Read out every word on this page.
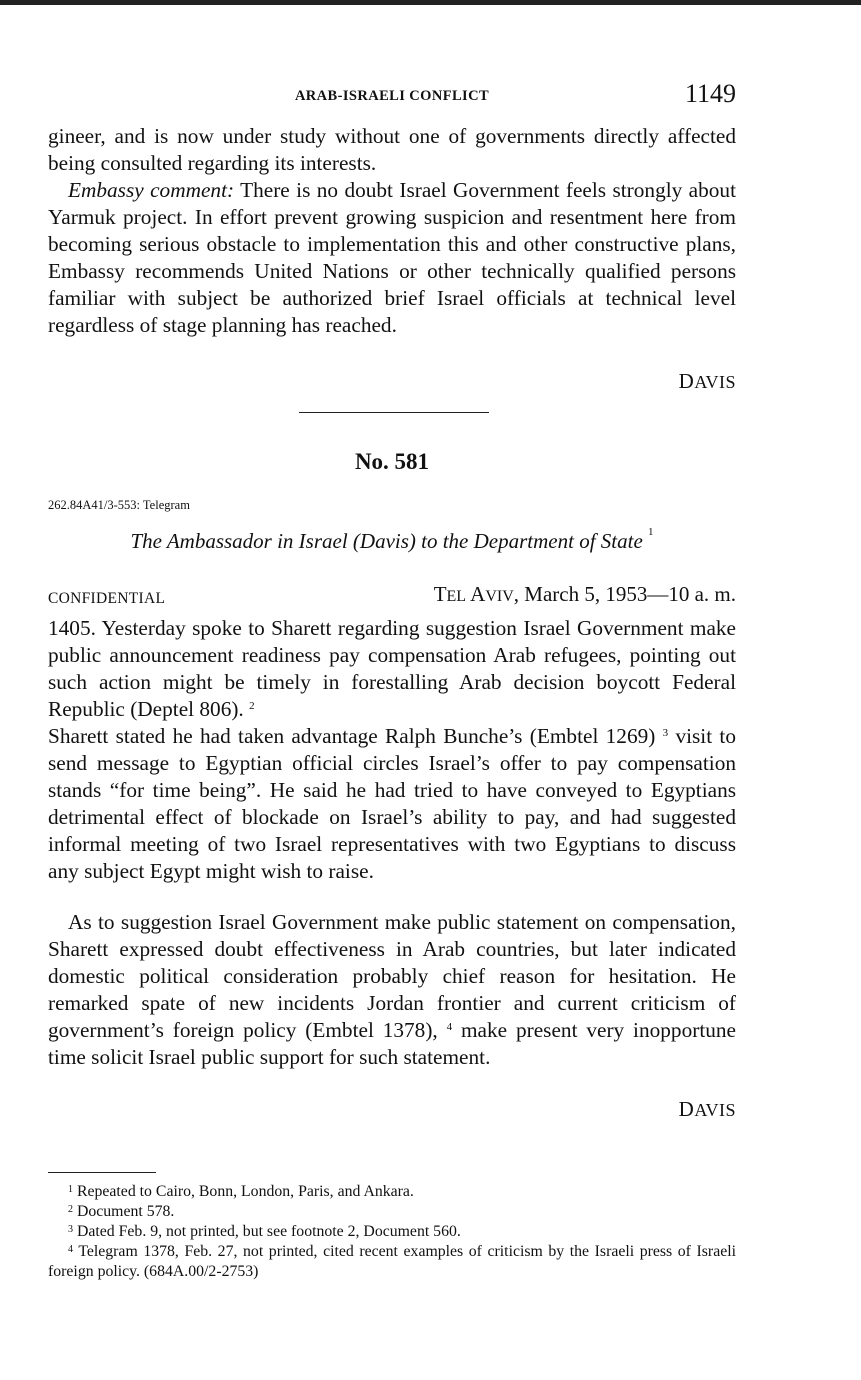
ARAB-ISRAELI CONFLICT	1149

gineer, and is now under study without one of governments directly affected being consulted regarding its interests.

Embassy comment: There is no doubt Israel Government feels strongly about Yarmuk project. In effort prevent growing suspicion and resentment here from becoming serious obstacle to implementation this and other constructive plans, Embassy recommends United Nations or other technically qualified persons familiar with subject be authorized brief Israel officials at technical level regardless of stage planning has reached.

DAVIS
No. 581
262.84A41/3-553: Telegram
The Ambassador in Israel (Davis) to the Department of State $^1$
CONFIDENTIAL	TEL AVIV, March 5, 1953—10 a. m.

1405. Yesterday spoke to Sharett regarding suggestion Israel Government make public announcement readiness pay compensation Arab refugees, pointing out such action might be timely in forestalling Arab decision boycott Federal Republic (Deptel 806). $^2$

Sharett stated he had taken advantage Ralph Bunche’s (Embtel 1269) $^3$ visit to send message to Egyptian official circles Israel’s offer to pay compensation stands “for time being”. He said he had tried to have conveyed to Egyptians detrimental effect of blockade on Israel’s ability to pay, and had suggested informal meeting of two Israel representatives with two Egyptians to discuss any subject Egypt might wish to raise.

As to suggestion Israel Government make public statement on compensation, Sharett expressed doubt effectiveness in Arab countries, but later indicated domestic political consideration probably chief reason for hesitation. He remarked spate of new incidents Jordan frontier and current criticism of government’s foreign policy (Embtel 1378), $^4$ make present very inopportune time solicit Israel public support for such statement.

DAVIS

$^1$ Repeated to Cairo, Bonn, London, Paris, and Ankara.

$^2$ Document 578.

$^3$ Dated Feb. 9, not printed, but see footnote 2, Document 560.

$^4$ Telegram 1378, Feb. 27, not printed, cited recent examples of criticism by the Israeli press of Israeli foreign policy. (684A.00/2-2753)
